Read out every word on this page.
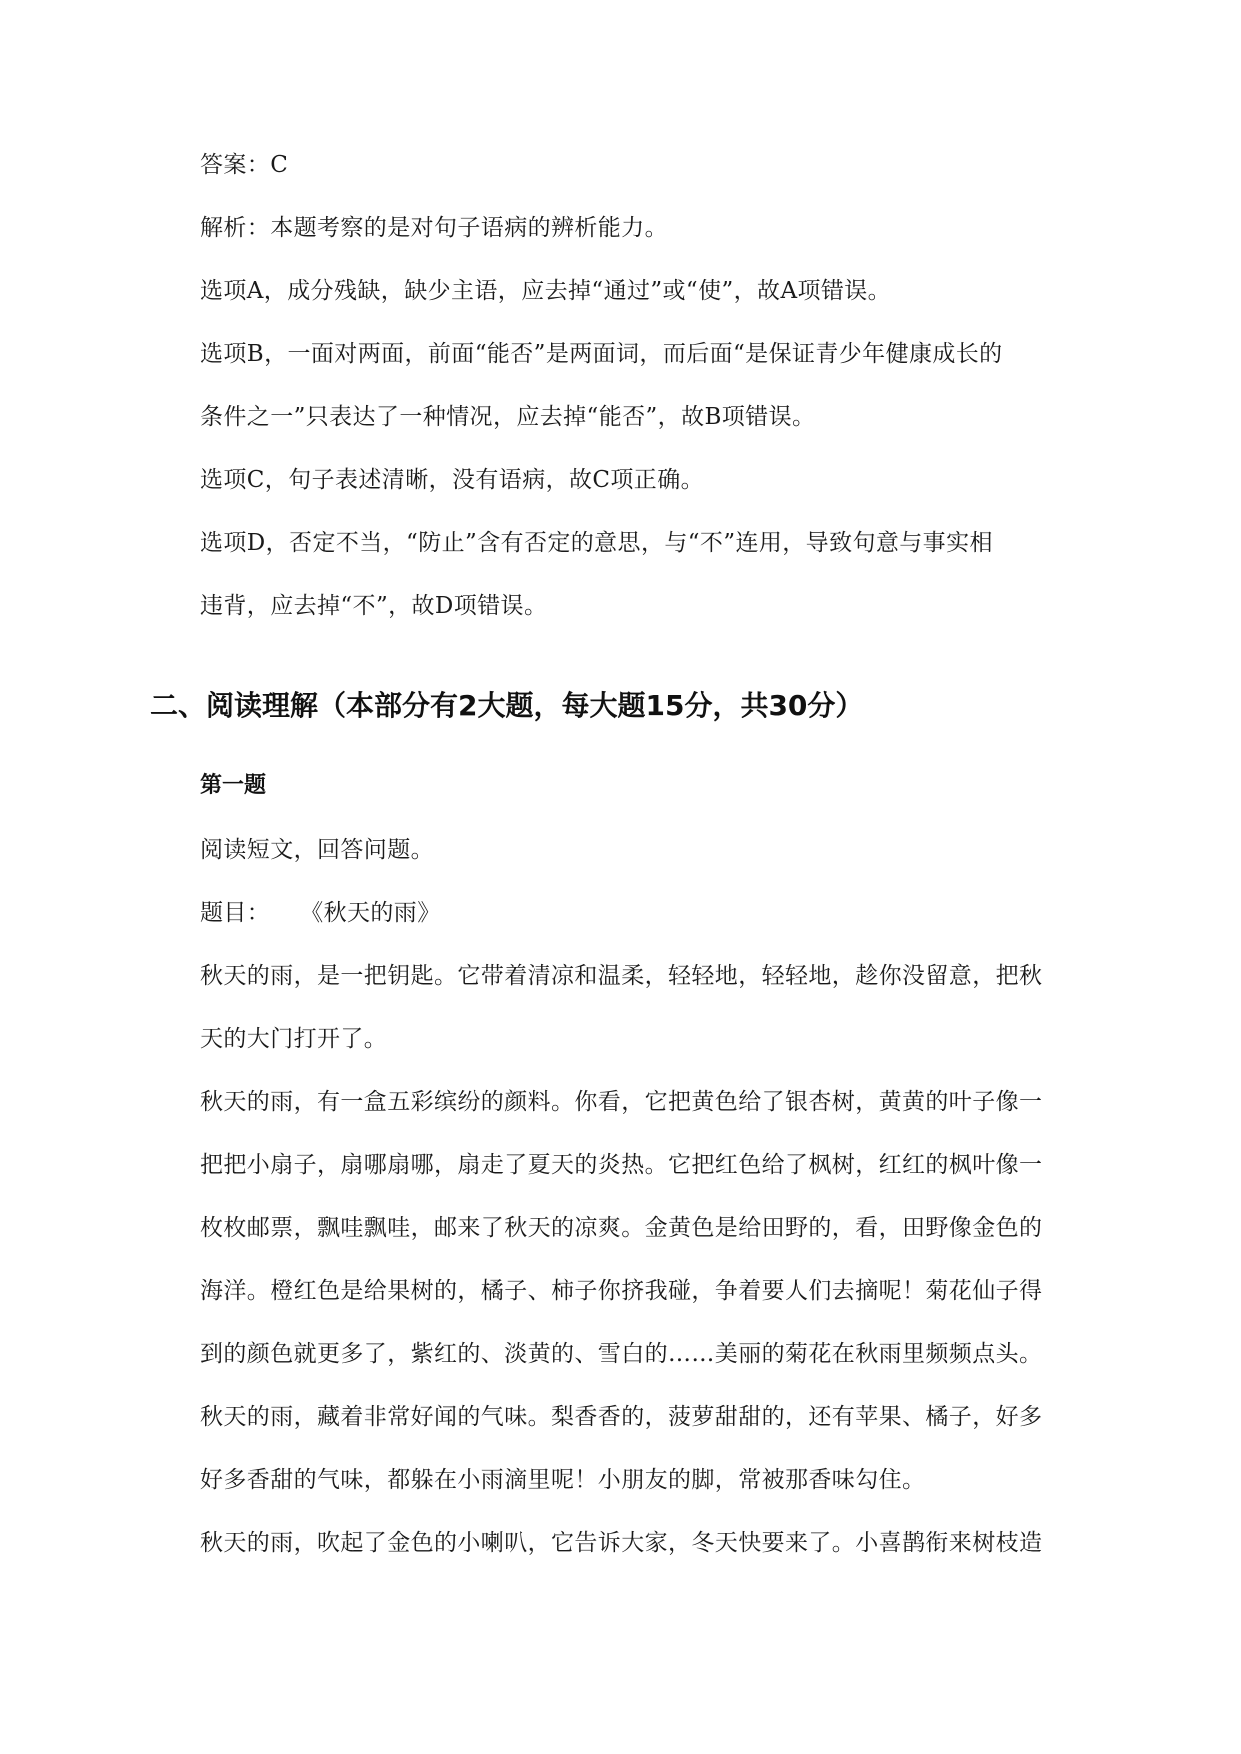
答案：C
解析：本题考察的是对句子语病的辨析能力。
选项A，成分残缺，缺少主语，应去掉“通过”或“使”，故A项错误。
选项B，一面对两面，前面“能否”是两面词，而后面“是保证青少年健康成长的
条件之一”只表达了一种情况，应去掉“能否”，故B项错误。
选项C，句子表述清晰，没有语病，故C项正确。
选项D，否定不当，“防止”含有否定的意思，与“不”连用，导致句意与事实相
违背，应去掉“不”，故D项错误。
二、阅读理解（本部分有2大题，每大题15分，共30分）
第一题
阅读短文，回答问题。
题目： 《秋天的雨》
秋天的雨，是一把钥匙。它带着清凉和温柔，轻轻地，轻轻地，趁你没留意，把秋
天的大门打开了。
秋天的雨，有一盒五彩缤纷的颜料。你看，它把黄色给了银杏树，黄黄的叶子像一
把把小扇子，扇哪扇哪，扇走了夏天的炎热。它把红色给了枫树，红红的枫叶像一
枚枚邮票，飘哇飘哇，邮来了秋天的凉爽。金黄色是给田野的，看，田野像金色的
海洋。橙红色是给果树的，橘子、柿子你挤我碰，争着要人们去摘呢！菊花仙子得
到的颜色就更多了，紫红的、淡黄的、雪白的……美丽的菊花在秋雨里频频点头。
秋天的雨，藏着非常好闻的气味。梨香香的，菠萝甜甜的，还有苹果、橘子，好多
好多香甜的气味，都躲在小雨滴里呢！小朋友的脚，常被那香味勾住。
秋天的雨，吹起了金色的小喇叭，它告诉大家，冬天快要来了。小喜鹊衔来树枝造
